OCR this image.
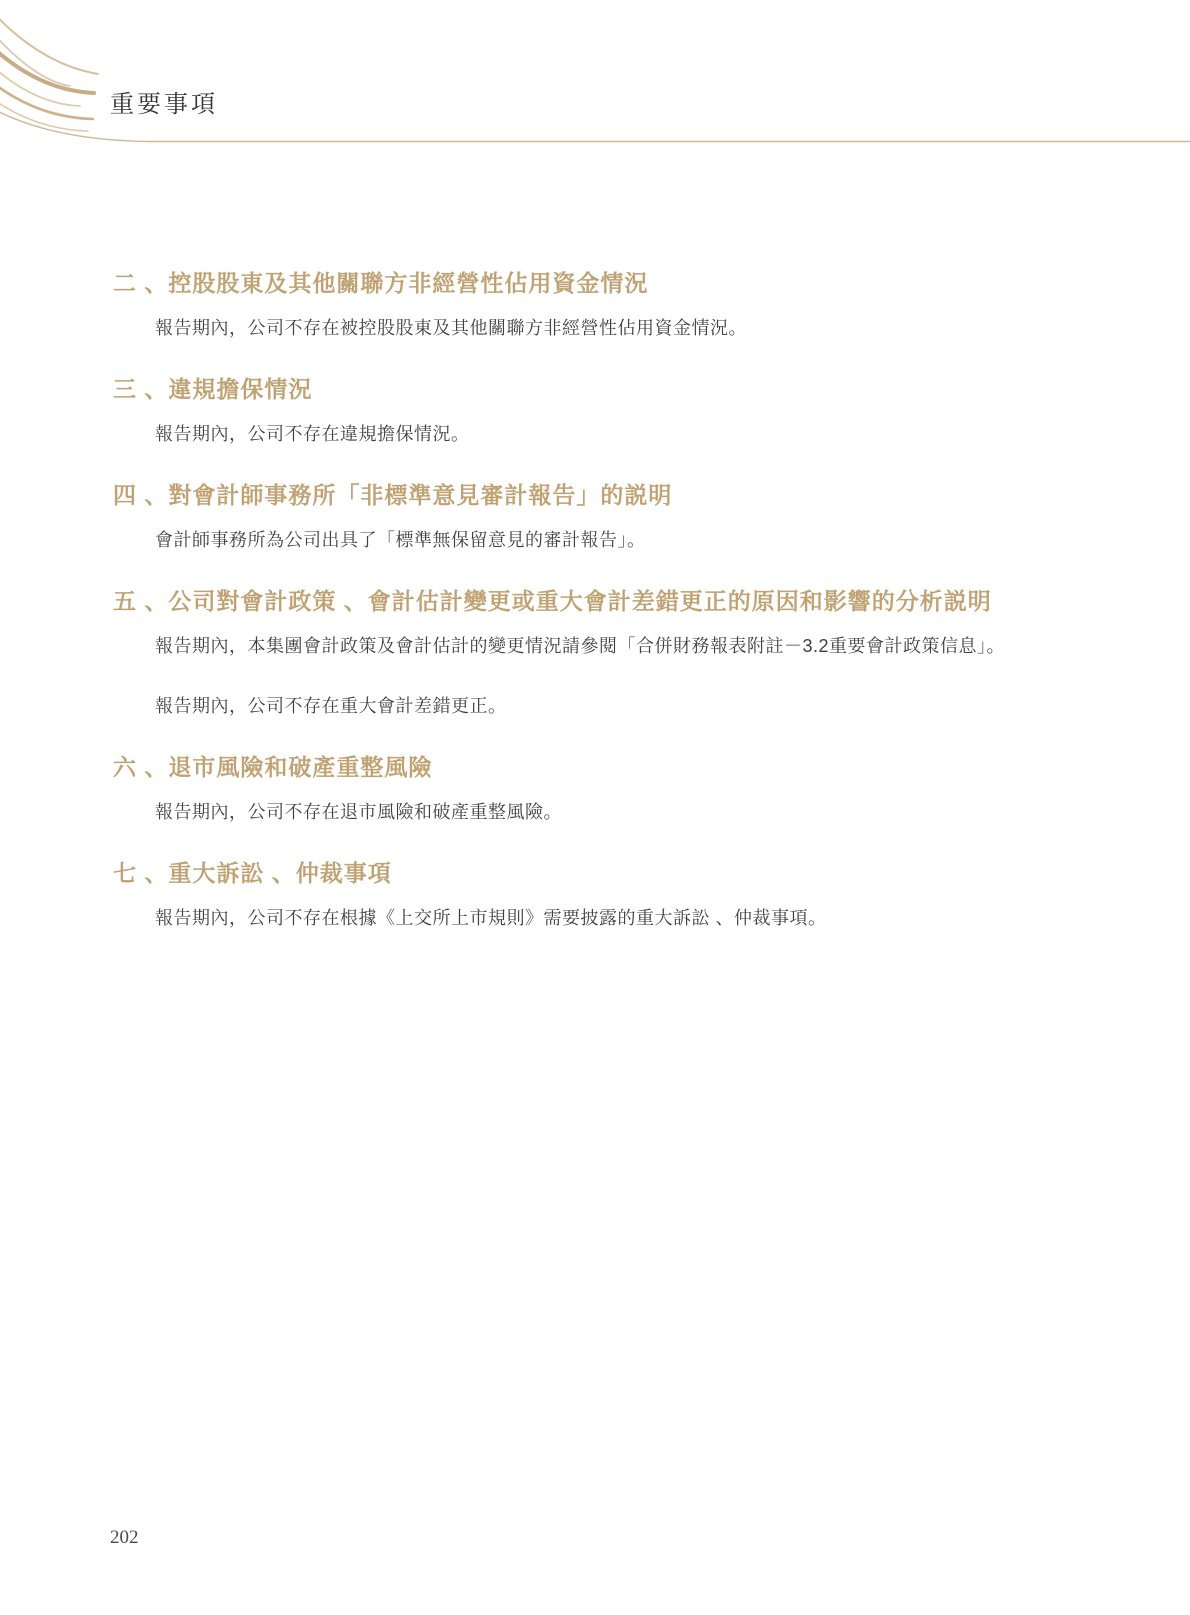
重要事項
二 、控股股東及其他關聯方非經營性佔用資金情況

報告期內，公司不存在被控股股東及其他關聯方非經營性佔用資金情況。

三 、違規擔保情況

報告期內，公司不存在違規擔保情況。

四 、對會計師事務所「非標準意見審計報告」的説明

會計師事務所為公司出具了「標準無保留意見的審計報告」。

五 、公司對會計政策 、會計估計變更或重大會計差錯更正的原因和影響的分析説明

報告期內，本集團會計政策及會計估計的變更情況請參閱「合併財務報表附註－3.2重要會計政策信息」。

報告期內，公司不存在重大會計差錯更正。

六 、退市風險和破產重整風險

報告期內，公司不存在退市風險和破產重整風險。

七 、重大訴訟 、仲裁事項

報告期內，公司不存在根據《上交所上市規則》需要披露的重大訴訟 、仲裁事項。

202
